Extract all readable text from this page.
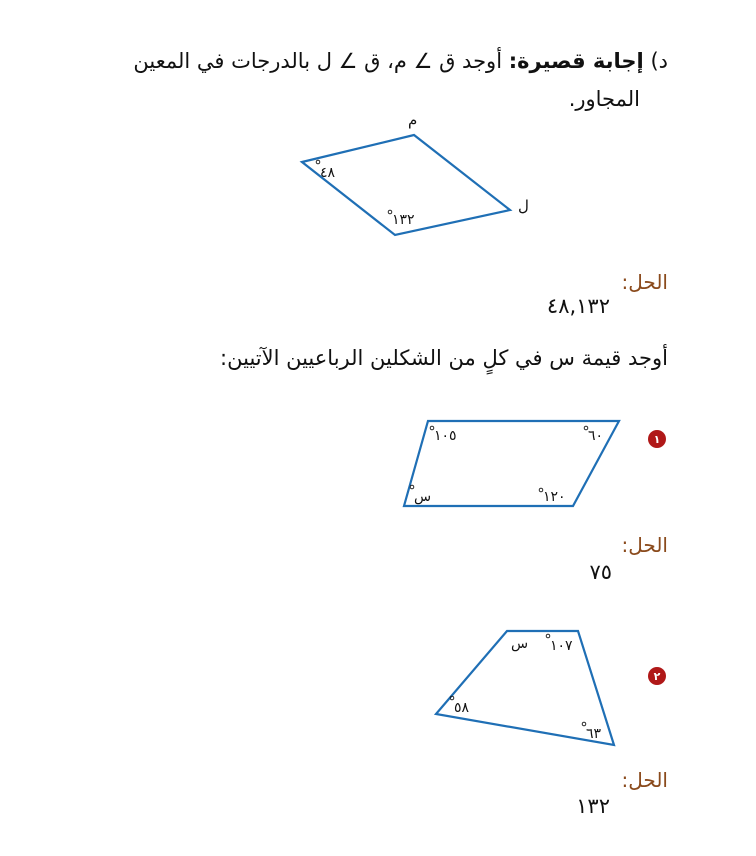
د) إجابة قصيرة: أوجد ق ∠ م، ق ∠ ل بالدرجات في المعين
المجاور.
م
ل
٤٨
١٣٢
١٠٥	٦٠
س	١٢٠
س ١٠٧
٥٨
٦٣
الحل:
٤٨,١٣٢
أوجد قيمة س في كلٍ من الشكلين الرباعيين الآتيين:
١
الحل:
٧٥
٢
الحل:
١٣٢
